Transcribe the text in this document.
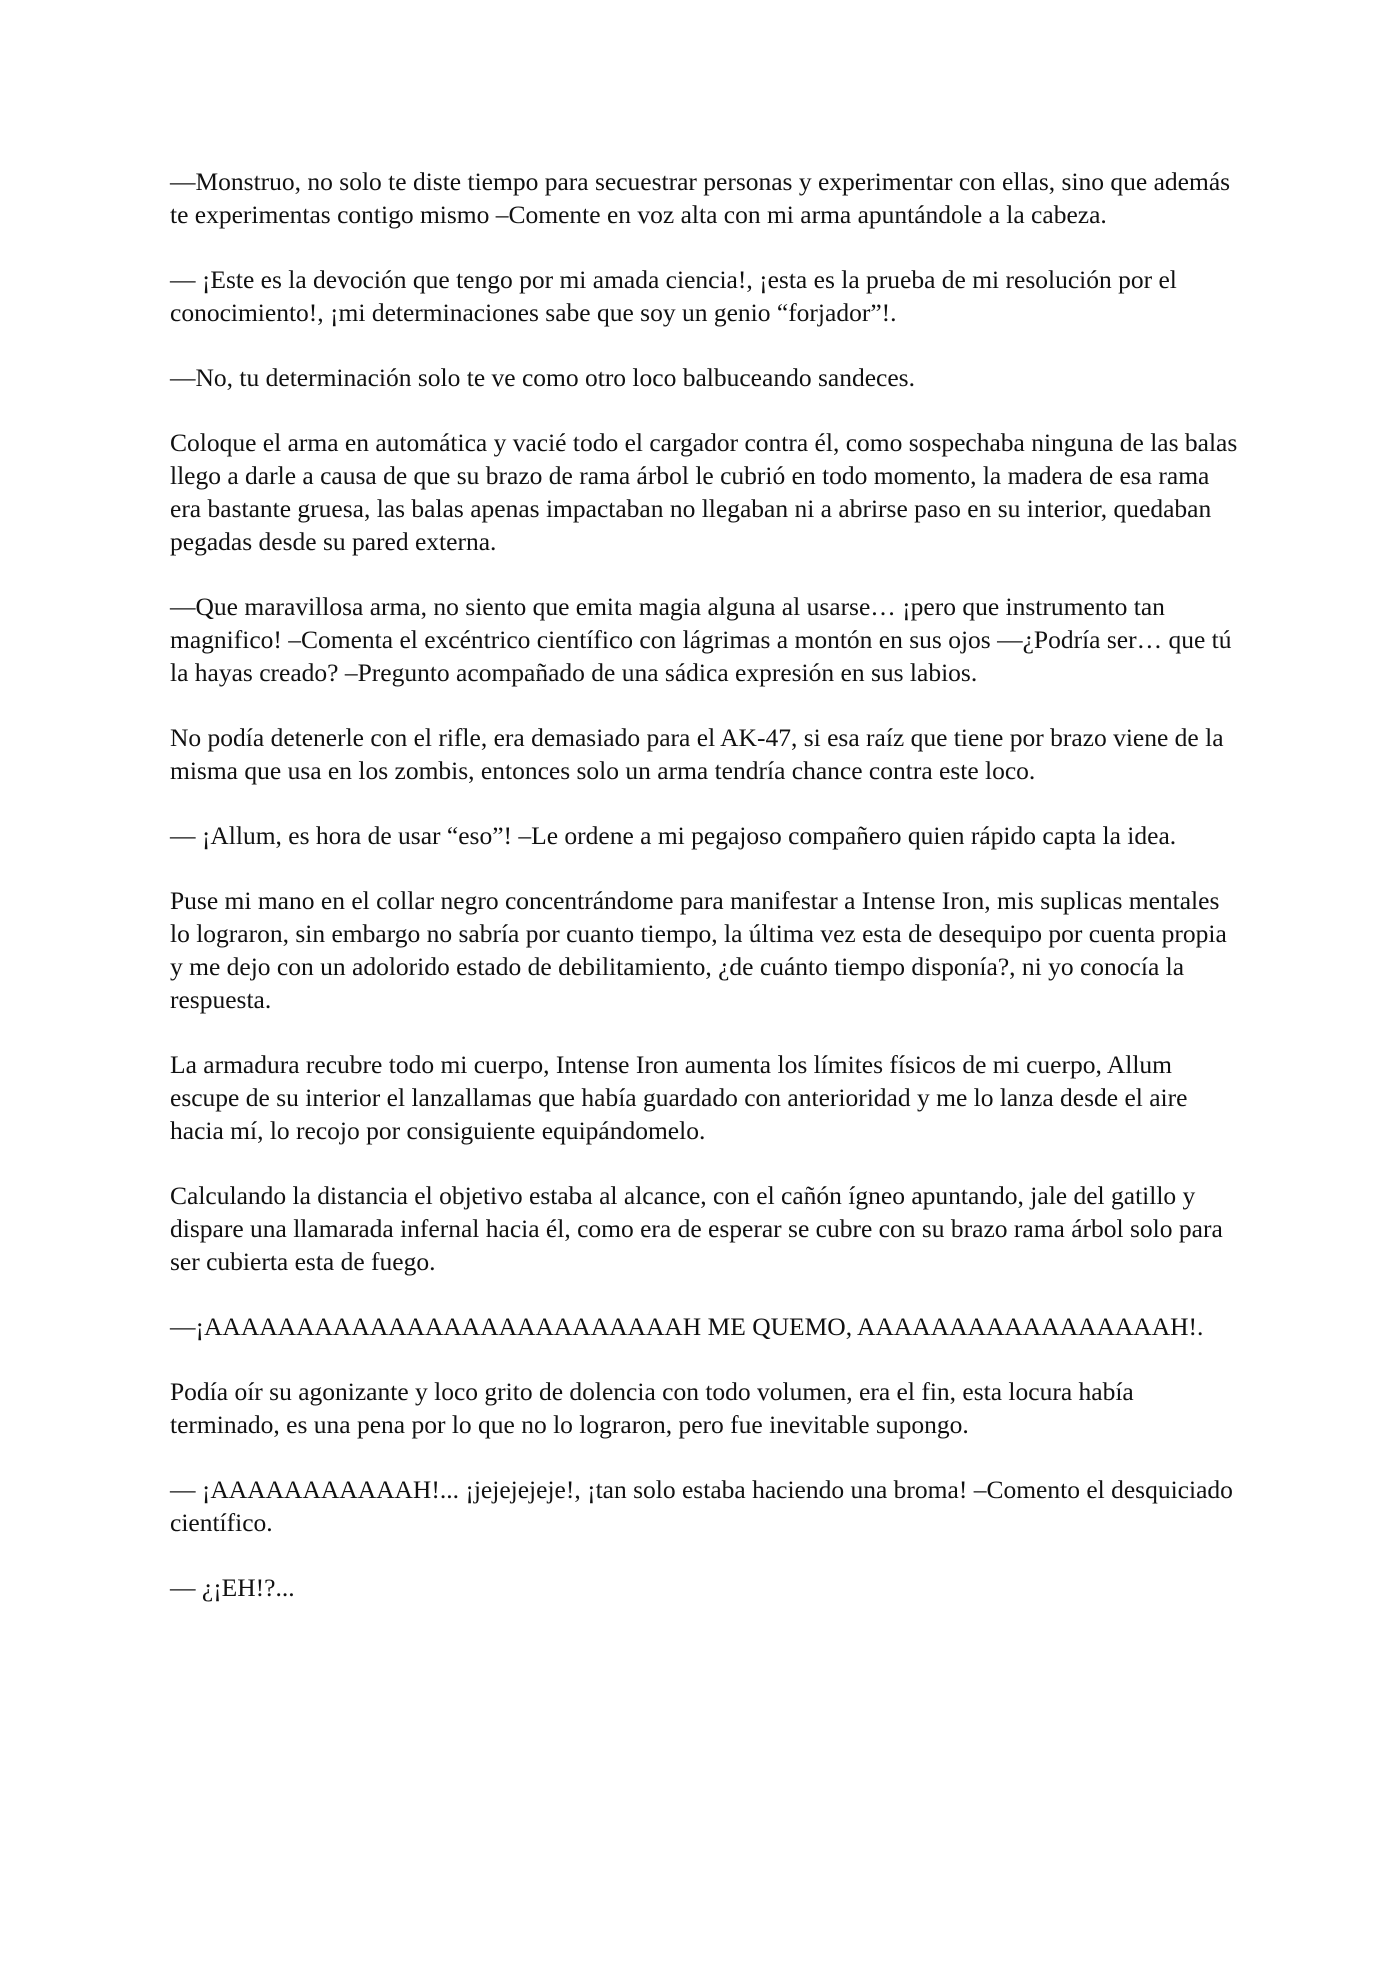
—Monstruo, no solo te diste tiempo para secuestrar personas y experimentar con ellas, sino que además te experimentas contigo mismo –Comente en voz alta con mi arma apuntándole a la cabeza.

— ¡Este es la devoción que tengo por mi amada ciencia!, ¡esta es la prueba de mi resolución por el conocimiento!, ¡mi determinaciones sabe que soy un genio “forjador”!.

—No, tu determinación solo te ve como otro loco balbuceando sandeces.

Coloque el arma en automática y vacié todo el cargador contra él, como sospechaba ninguna de las balas llego a darle a causa de que su brazo de rama árbol le cubrió en todo momento, la madera de esa rama era bastante gruesa, las balas apenas impactaban no llegaban ni a abrirse paso en su interior, quedaban pegadas desde su pared externa.

—Que maravillosa arma, no siento que emita magia alguna al usarse… ¡pero que instrumento tan magnifico! –Comenta el excéntrico científico con lágrimas a montón en sus ojos —¿Podría ser… que tú la hayas creado? –Pregunto acompañado de una sádica expresión en sus labios.

No podía detenerle con el rifle, era demasiado para el AK-47, si esa raíz que tiene por brazo viene de la misma que usa en los zombis, entonces solo un arma tendría chance contra este loco.

— ¡Allum, es hora de usar “eso”! –Le ordene a mi pegajoso compañero quien rápido capta la idea.

Puse mi mano en el collar negro concentrándome para manifestar a Intense Iron, mis suplicas mentales lo lograron, sin embargo no sabría por cuanto tiempo, la última vez esta de desequipo por cuenta propia y me dejo con un adolorido estado de debilitamiento, ¿de cuánto tiempo disponía?, ni yo conocía la respuesta.

La armadura recubre todo mi cuerpo, Intense Iron aumenta los límites físicos de mi cuerpo, Allum escupe de su interior el lanzallamas que había guardado con anterioridad y me lo lanza desde el aire hacia mí, lo recojo por consiguiente equipándomelo.

Calculando la distancia el objetivo estaba al alcance, con el cañón ígneo apuntando, jale del gatillo y dispare una llamarada infernal hacia él, como era de esperar se cubre con su brazo rama árbol solo para ser cubierta esta de fuego.

—¡AAAAAAAAAAAAAAAAAAAAAAAAAAH ME QUEMO, AAAAAAAAAAAAAAAAAH!.

Podía oír su agonizante y loco grito de dolencia con todo volumen, era el fin, esta locura había terminado, es una pena por lo que no lo lograron, pero fue inevitable supongo.

— ¡AAAAAAAAAAAH!... ¡jejejejeje!, ¡tan solo estaba haciendo una broma! –Comento el desquiciado científico.

— ¿¡EH!?...
